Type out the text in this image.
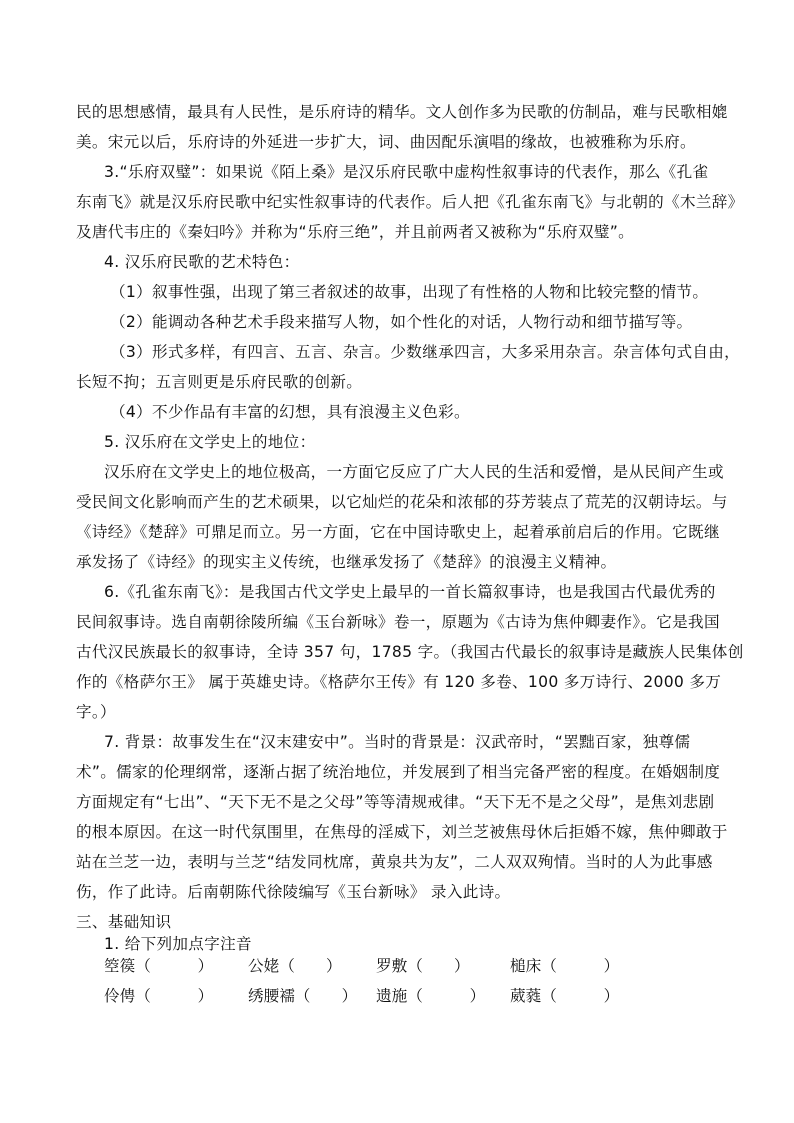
民的思想感情，最具有人民性，是乐府诗的精华。文人创作多为民歌的仿制品，难与民歌相媲
美。宋元以后，乐府诗的外延进一步扩大，词、曲因配乐演唱的缘故，也被雅称为乐府。
3.“乐府双璧”：如果说《陌上桑》是汉乐府民歌中虚构性叙事诗的代表作，那么《孔雀
东南飞》就是汉乐府民歌中纪实性叙事诗的代表作。后人把《孔雀东南飞》与北朝的《木兰辞》
及唐代韦庄的《秦妇吟》并称为“乐府三绝”，并且前两者又被称为“乐府双璧”。
4. 汉乐府民歌的艺术特色：
（1）叙事性强，出现了第三者叙述的故事，出现了有性格的人物和比较完整的情节。
（2）能调动各种艺术手段来描写人物，如个性化的对话，人物行动和细节描写等。
（3）形式多样，有四言、五言、杂言。少数继承四言，大多采用杂言。杂言体句式自由，
长短不拘；五言则更是乐府民歌的创新。
（4）不少作品有丰富的幻想，具有浪漫主义色彩。
5. 汉乐府在文学史上的地位：
汉乐府在文学史上的地位极高，一方面它反应了广大人民的生活和爱憎，是从民间产生或
受民间文化影响而产生的艺术硕果，以它灿烂的花朵和浓郁的芬芳装点了荒芜的汉朝诗坛。与
《诗经》《楚辞》可鼎足而立。另一方面，它在中国诗歌史上，起着承前启后的作用。它既继
承发扬了《诗经》的现实主义传统，也继承发扬了《楚辞》的浪漫主义精神。
6.《孔雀东南飞》：是我国古代文学史上最早的一首长篇叙事诗，也是我国古代最优秀的
民间叙事诗。选自南朝徐陵所编《玉台新咏》卷一，原题为《古诗为焦仲卿妻作》。它是我国
古代汉民族最长的叙事诗，全诗 357 句，1785 字。（我国古代最长的叙事诗是藏族人民集体创
作的《格萨尔王》 属于英雄史诗。《格萨尔王传》有 120 多卷、100 多万诗行、2000 多万
字。）
7. 背景：故事发生在“汉末建安中”。当时的背景是：汉武帝时，“罢黜百家，独尊儒
术”。儒家的伦理纲常，逐渐占据了统治地位，并发展到了相当完备严密的程度。在婚姻制度
方面规定有“七出”、“天下无不是之父母”等等清规戒律。“天下无不是之父母”，是焦刘悲剧
的根本原因。在这一时代氛围里，在焦母的淫威下，刘兰芝被焦母休后拒婚不嫁，焦仲卿敢于
站在兰芝一边，表明与兰芝“结发同枕席，黄泉共为友”，二人双双殉情。当时的人为此事感
伤，作了此诗。后南朝陈代徐陵编写《玉台新咏》 录入此诗。
三、基础知识
1. 给下列加点字注音
箜篌（　　　） 公姥（　　） 罗敷（　　）	槌床（　　　）
伶俜（　　　） 绣腰襦（　　） 遗施（　　　） 葳蕤（　　　）
